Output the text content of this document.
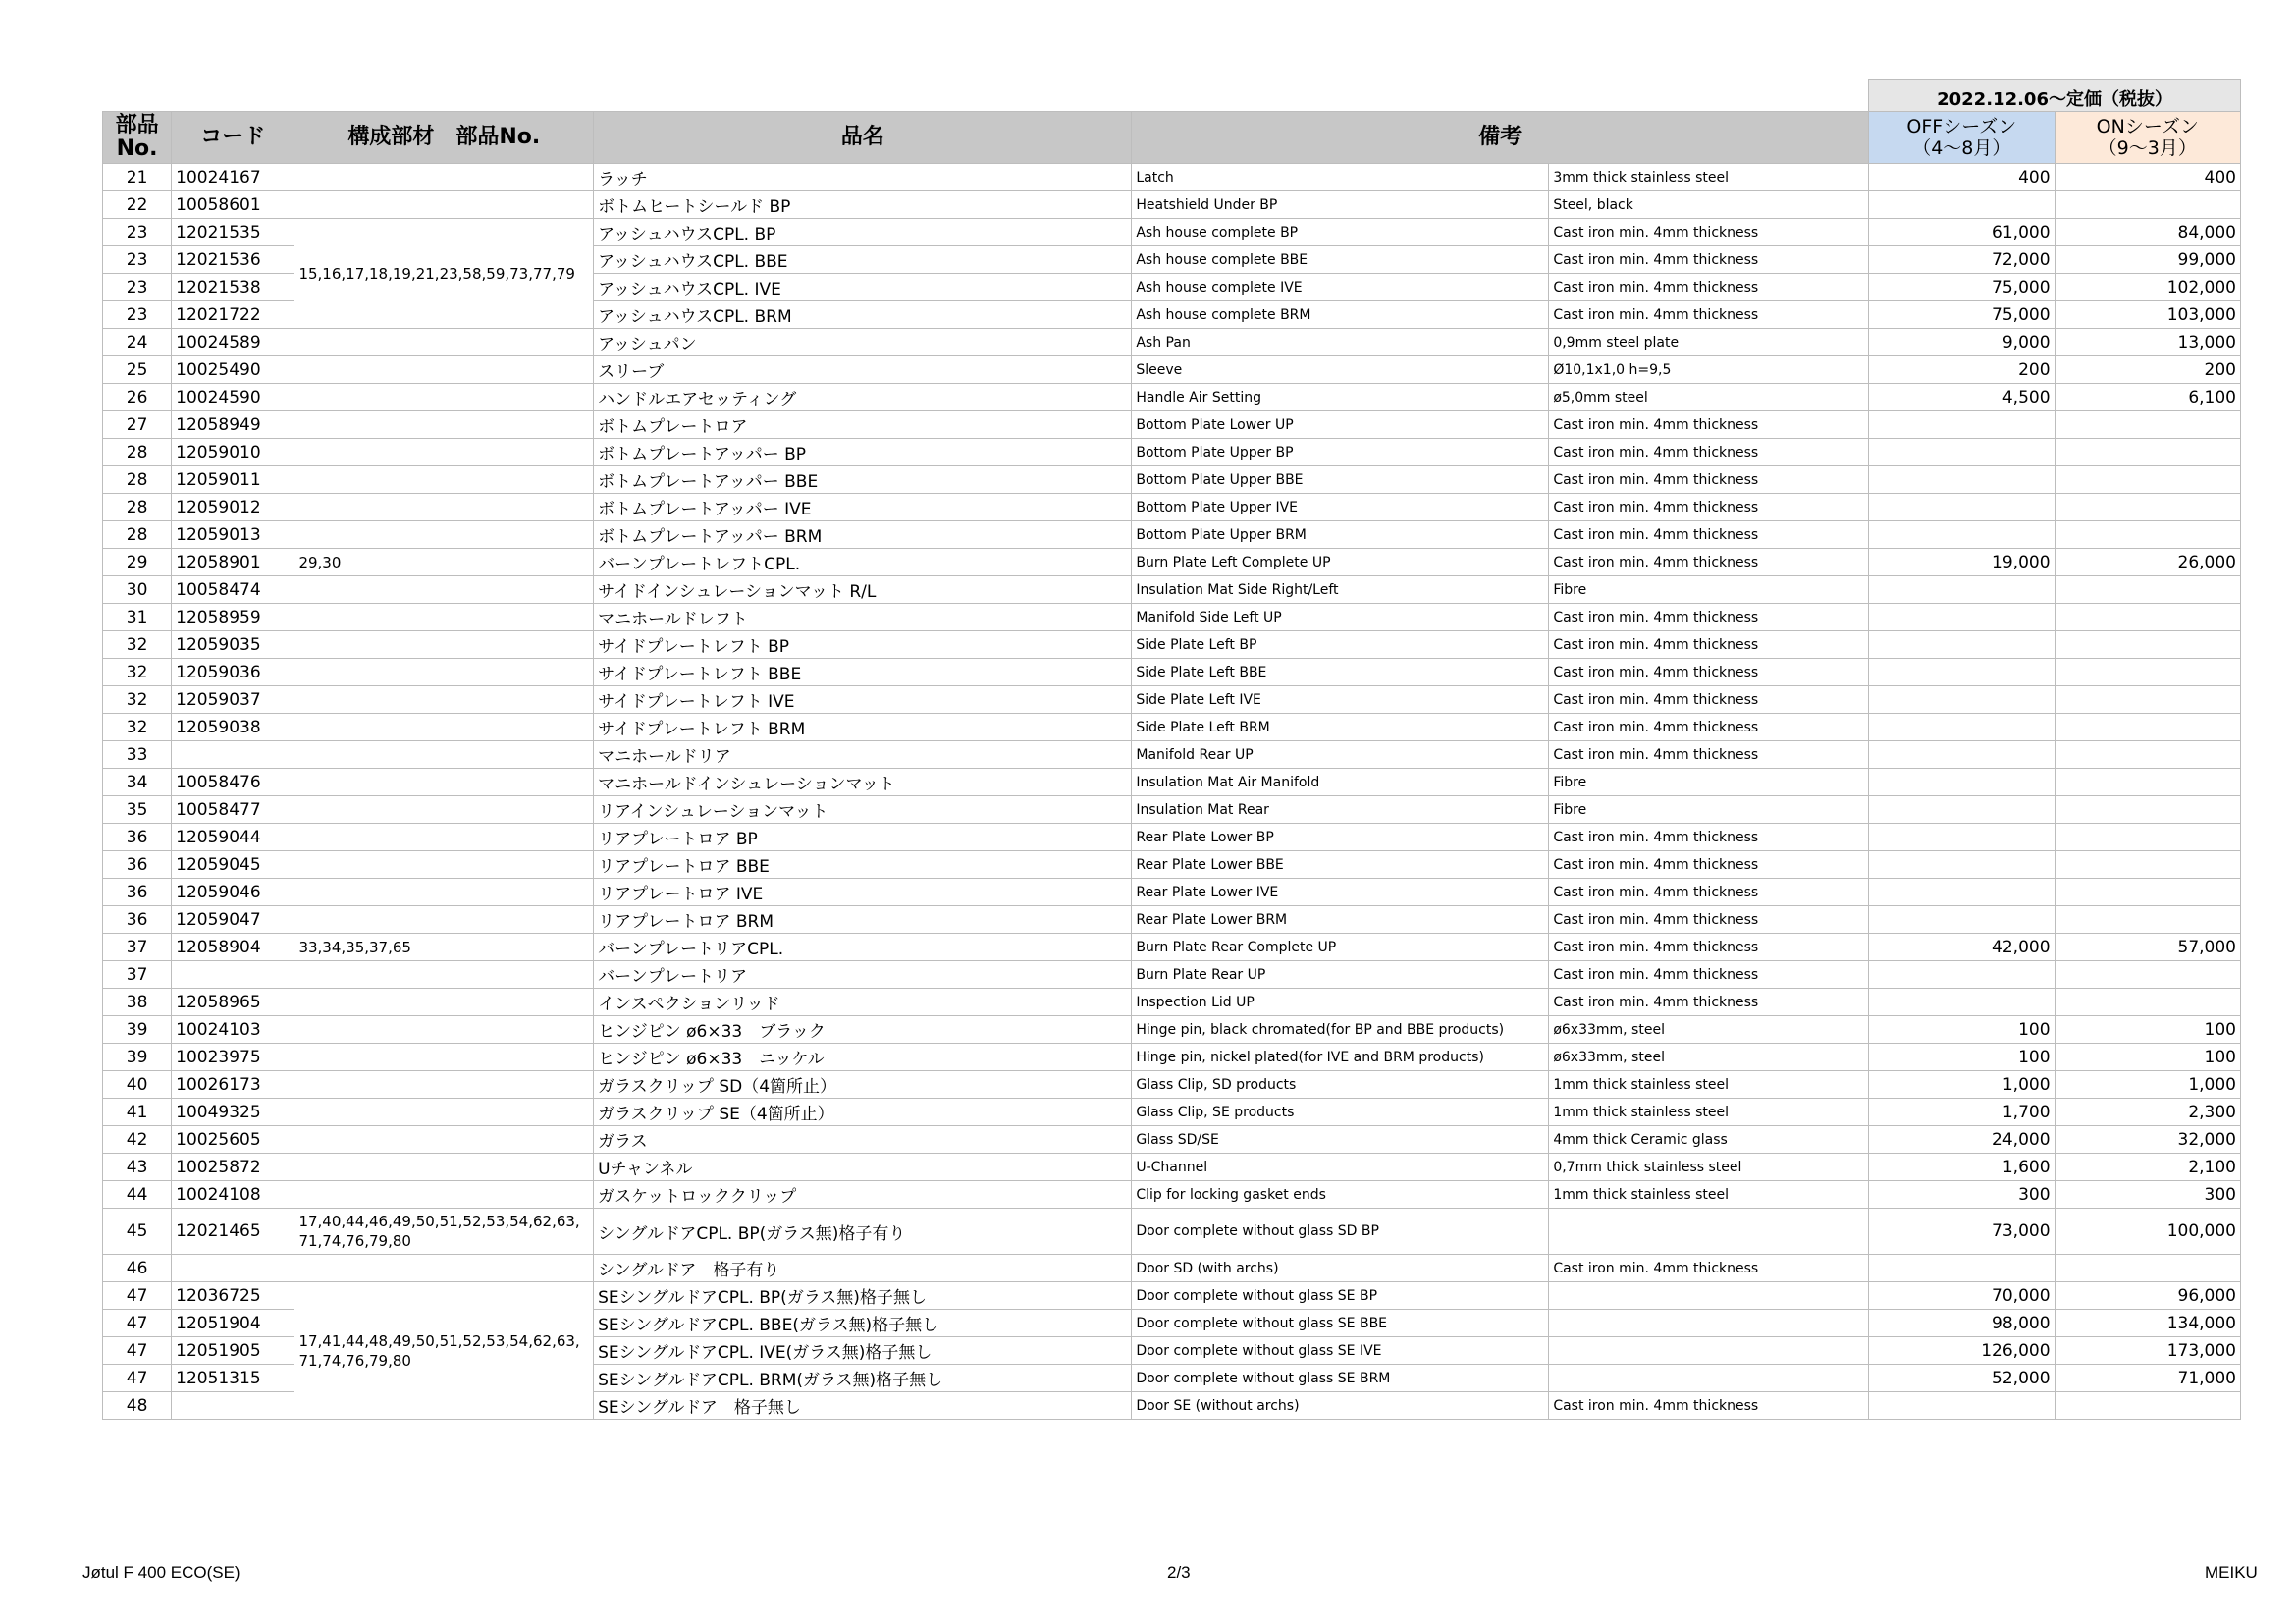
						2022.12.06～定価（税抜）	
部品
No.	コード	構成部材　部品No.	品名	備考		OFFシーズン
（4～8月）	ONシーズン
（9～3月）
21	10024167		ラッチ	Latch	3mm thick stainless steel	400	400
22	10058601		ボトムヒートシールド BP	Heatshield Under BP	Steel, black		
23	12021535	15,16,17,18,19,21,23,58,59,73,77,79	アッシュハウスCPL. BP	Ash house complete BP	Cast iron min. 4mm thickness	61,000	84,000
23	12021536		アッシュハウスCPL. BBE	Ash house complete BBE	Cast iron min. 4mm thickness	72,000	99,000
23	12021538		アッシュハウスCPL. IVE	Ash house complete IVE	Cast iron min. 4mm thickness	75,000	102,000
23	12021722		アッシュハウスCPL. BRM	Ash house complete BRM	Cast iron min. 4mm thickness	75,000	103,000
24	10024589		アッシュパン	Ash Pan	0,9mm steel plate	9,000	13,000
25	10025490		スリーブ	Sleeve	Ø10,1x1,0 h=9,5	200	200
26	10024590		ハンドルエアセッティング	Handle Air Setting	ø5,0mm steel	4,500	6,100
27	12058949		ボトムプレートロア	Bottom Plate Lower UP	Cast iron min. 4mm thickness		
28	12059010		ボトムプレートアッパー BP	Bottom Plate Upper BP	Cast iron min. 4mm thickness		
28	12059011		ボトムプレートアッパー BBE	Bottom Plate Upper BBE	Cast iron min. 4mm thickness		
28	12059012		ボトムプレートアッパー IVE	Bottom Plate Upper IVE	Cast iron min. 4mm thickness		
28	12059013		ボトムプレートアッパー BRM	Bottom Plate Upper BRM	Cast iron min. 4mm thickness		
29	12058901	29,30	バーンプレートレフトCPL.	Burn Plate Left Complete UP	Cast iron min. 4mm thickness	19,000	26,000
30	10058474		サイドインシュレーションマット R/L	Insulation Mat Side Right/Left	Fibre		
31	12058959		マニホールドレフト	Manifold Side Left UP	Cast iron min. 4mm thickness		
32	12059035		サイドプレートレフト BP	Side Plate Left BP	Cast iron min. 4mm thickness		
32	12059036		サイドプレートレフト BBE	Side Plate Left BBE	Cast iron min. 4mm thickness		
32	12059037		サイドプレートレフト IVE	Side Plate Left IVE	Cast iron min. 4mm thickness		
32	12059038		サイドプレートレフト BRM	Side Plate Left BRM	Cast iron min. 4mm thickness		
33			マニホールドリア	Manifold Rear UP	Cast iron min. 4mm thickness		
34	10058476		マニホールドインシュレーションマット	Insulation Mat Air Manifold	Fibre		
35	10058477		リアインシュレーションマット	Insulation Mat Rear	Fibre		
36	12059044		リアプレートロア BP	Rear Plate Lower BP	Cast iron min. 4mm thickness		
36	12059045		リアプレートロア BBE	Rear Plate Lower BBE	Cast iron min. 4mm thickness		
36	12059046		リアプレートロア IVE	Rear Plate Lower IVE	Cast iron min. 4mm thickness		
36	12059047		リアプレートロア BRM	Rear Plate Lower BRM	Cast iron min. 4mm thickness		
37	12058904	33,34,35,37,65	バーンプレートリアCPL.	Burn Plate Rear Complete UP	Cast iron min. 4mm thickness	42,000	57,000
37			バーンプレートリア	Burn Plate Rear UP	Cast iron min. 4mm thickness		
38	12058965		インスペクションリッド	Inspection Lid UP	Cast iron min. 4mm thickness		
39	10024103		ヒンジピン ø6×33　ブラック	Hinge pin, black chromated(for BP and BBE products)	ø6x33mm, steel	100	100
39	10023975		ヒンジピン ø6×33　ニッケル	Hinge pin, nickel plated(for IVE and BRM products)	ø6x33mm, steel	100	100
40	10026173		ガラスクリップ SD（4箇所止）	Glass Clip, SD products	1mm thick stainless steel	1,000	1,000
41	10049325		ガラスクリップ SE（4箇所止）	Glass Clip, SE products	1mm thick stainless steel	1,700	2,300
42	10025605		ガラス	Glass SD/SE	4mm thick Ceramic glass	24,000	32,000
43	10025872		Uチャンネル	U-Channel	0,7mm thick stainless steel	1,600	2,100
44	10024108		ガスケットロッククリップ	Clip for locking gasket ends	1mm thick stainless steel	300	300
45	12021465	17,40,44,46,49,50,51,52,53,54,62,63,
71,74,76,79,80	シングルドアCPL. BP(ガラス無)格子有り	Door complete without glass SD BP		73,000	100,000
46			シングルドア　格子有り	Door SD (with archs)	Cast iron min. 4mm thickness		
47	12036725	17,41,44,48,49,50,51,52,53,54,62,63,
71,74,76,79,80	SEシングルドアCPL. BP(ガラス無)格子無し	Door complete without glass SE BP		70,000	96,000
47	12051904		SEシングルドアCPL. BBE(ガラス無)格子無し	Door complete without glass SE BBE		98,000	134,000
47	12051905		SEシングルドアCPL. IVE(ガラス無)格子無し	Door complete without glass SE IVE		126,000	173,000
47	12051315		SEシングルドアCPL. BRM(ガラス無)格子無し	Door complete without glass SE BRM		52,000	71,000
48			SEシングルドア　格子無し	Door SE (without archs)	Cast iron min. 4mm thickness		
Jøtul F 400 ECO(SE)	2/3	MEIKU
